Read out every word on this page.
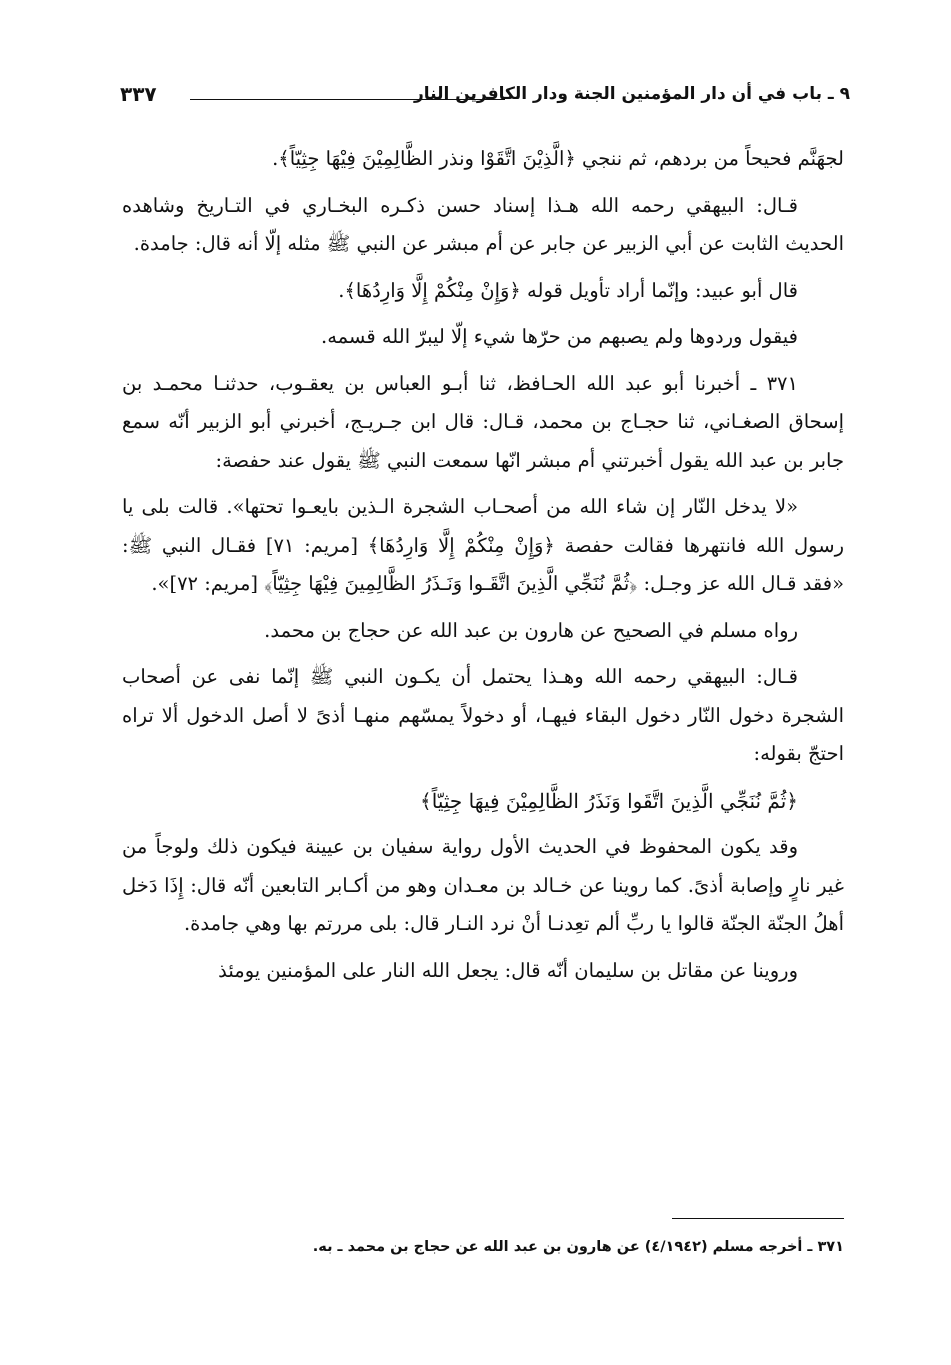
٩ ـ باب في أن دار المؤمنين الجنة ودار الكافرين النار
٣٣٧

لجهَنَّم فحيحاً من بردهم، ثم ننجي ﴿الَّذِيْنَ اتَّقَوْا ونذر الظَّالِمِيْنَ فِيْهَا جِثِيّاً﴾.

قـال: البيهقي رحمه الله هـذا إسناد حسن ذكـره البخـاري في التـاريخ وشاهده الحديث الثابت عن أبي الزبير عن جابر عن أم مبشر عن النبي ﷺ مثله إلّا أنه قال: جامدة.

قال أبو عبيد: وإنّما أراد تأويل قوله ﴿وَإِنْ مِنْكُمْ إِلَّا وَارِدُهَا﴾.

فيقول وردوها ولم يصبهم من حرّها شيء إلّا ليبرّ الله قسمه.

٣٧١ ـ أخبرنا أبو عبد الله الحـافظ، ثنا أبـو العباس بن يعقـوب، حدثنـا محمـد بن إسحاق الصغـاني، ثنا حجـاج بن محمد، قـال: قال ابن جـريـج، أخبرني أبو الزبير أنّه سمع جابر بن عبد الله يقول أخبرتني أم مبشر انّها سمعت النبي ﷺ يقول عند حفصة:

«لا يدخل النّار إن شاء الله من أصحـاب الشجرة الـذين بايعـوا تحتها». قالت بلى يا رسول الله فانتهرها فقالت حفصة ﴿وَإِنْ مِنْكُمْ إِلَّا وَارِدُهَا﴾ [مريم: ٧١] فقـال النبي ﷺ: «فقد قـال الله عز وجـل: ﴿ثُمَّ نُنَجِّي الَّذِينَ اتَّقَـوا وَنَـذَرُ الظَّالِمِينَ فِيْهَا جِثِيّاً﴾ [مريم: ٧٢]».

رواه مسلم في الصحيح عن هارون بن عبد الله عن حجاج بن محمد.

قـال: البيهقي رحمه الله وهـذا يحتمل أن يكـون النبي ﷺ إنّما نفى عن أصحاب الشجرة دخول النّار دخول البقاء فيهـا، أو دخولاً يمسّهم منهـا أذىً لا أصل الدخول ألا تراه احتجّ بقوله:

﴿ثُمَّ نُنَجِّي الَّذِينَ اتَّقَوا وَنَذَرُ الظَّالِمِيْنَ فِيهَا جِثِيّاً﴾

وقد يكون المحفوظ في الحديث الأول رواية سفيان بن عيينة فيكون ذلك ولوجاً من غير نارٍ وإصابة أذىً. كما روينا عن خـالد بن معـدان وهو من أكـابر التابعين أنّه قال: إِذَا دَخل أهلُ الجنّة الجنّة قالوا يا ربِّ ألم تعِدنـا أنْ نرد النـار قال: بلى مررتم بها وهي جامدة.

وروينا عن مقاتل بن سليمان أنّه قال: يجعل الله النار على المؤمنين يومئذ

٣٧١ ـ أخرجه مسلم (٤/١٩٤٢) عن هارون بن عبد الله عن حجاج بن محمد ـ به.
